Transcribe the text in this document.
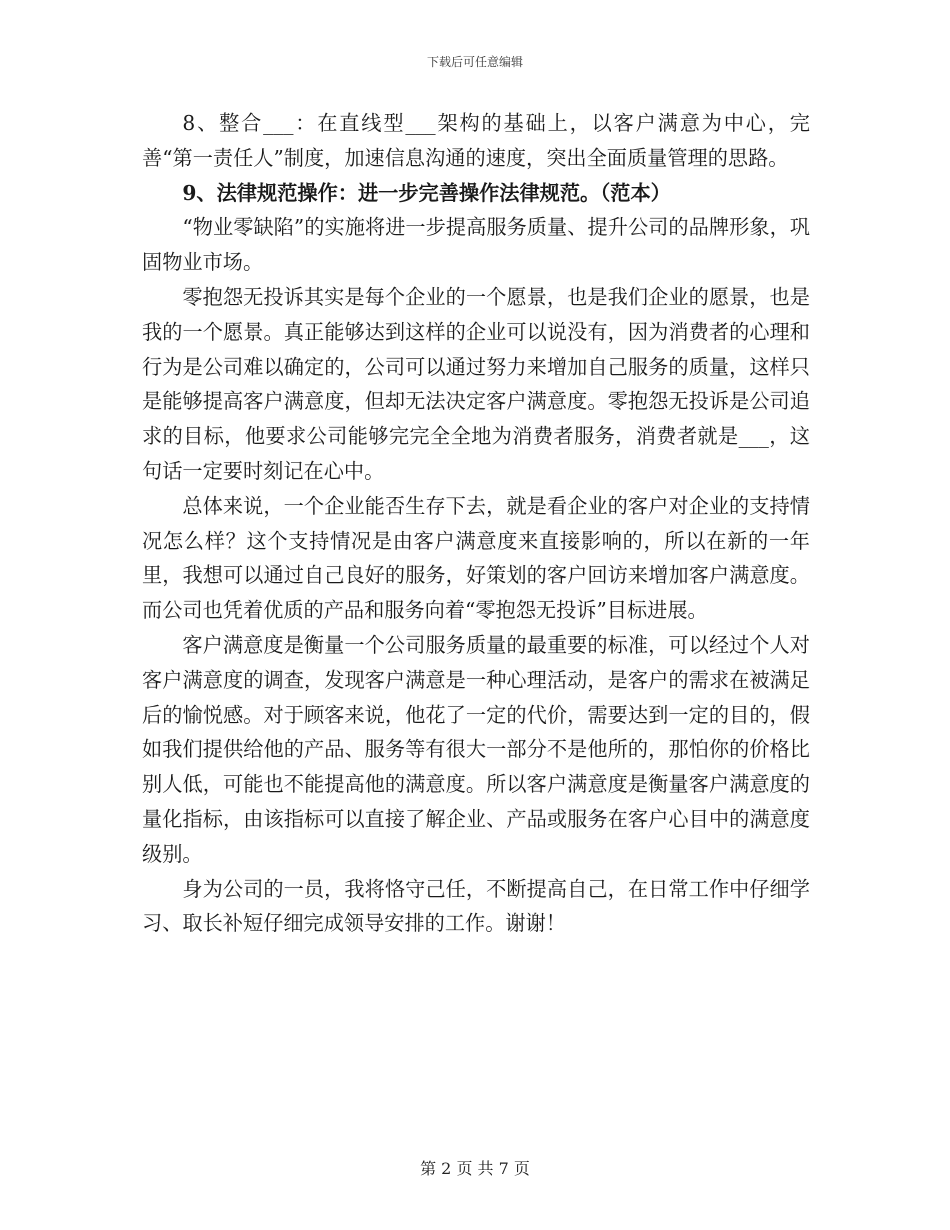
下载后可任意编辑

8、整合___：在直线型___架构的基础上，以客户满意为中心，完善“第一责任人”制度，加速信息沟通的速度，突出全面质量管理的思路。

9、法律规范操作：进一步完善操作法律规范。（范本）

“物业零缺陷”的实施将进一步提高服务质量、提升公司的品牌形象，巩固物业市场。

零抱怨无投诉其实是每个企业的一个愿景，也是我们企业的愿景，也是我的一个愿景。真正能够达到这样的企业可以说没有，因为消费者的心理和行为是公司难以确定的，公司可以通过努力来增加自己服务的质量，这样只是能够提高客户满意度，但却无法决定客户满意度。零抱怨无投诉是公司追求的目标，他要求公司能够完完全全地为消费者服务，消费者就是___，这句话一定要时刻记在心中。

总体来说，一个企业能否生存下去，就是看企业的客户对企业的支持情况怎么样？这个支持情况是由客户满意度来直接影响的，所以在新的一年里，我想可以通过自己良好的服务，好策划的客户回访来增加客户满意度。而公司也凭着优质的产品和服务向着“零抱怨无投诉”目标进展。

客户满意度是衡量一个公司服务质量的最重要的标准，可以经过个人对客户满意度的调查，发现客户满意是一种心理活动，是客户的需求在被满足后的愉悦感。对于顾客来说，他花了一定的代价，需要达到一定的目的，假如我们提供给他的产品、服务等有很大一部分不是他所的，那怕你的价格比别人低，可能也不能提高他的满意度。所以客户满意度是衡量客户满意度的量化指标，由该指标可以直接了解企业、产品或服务在客户心目中的满意度级别。

身为公司的一员，我将恪守己任，不断提高自己，在日常工作中仔细学习、取长补短仔细完成领导安排的工作。谢谢！

第 2 页 共 7 页
